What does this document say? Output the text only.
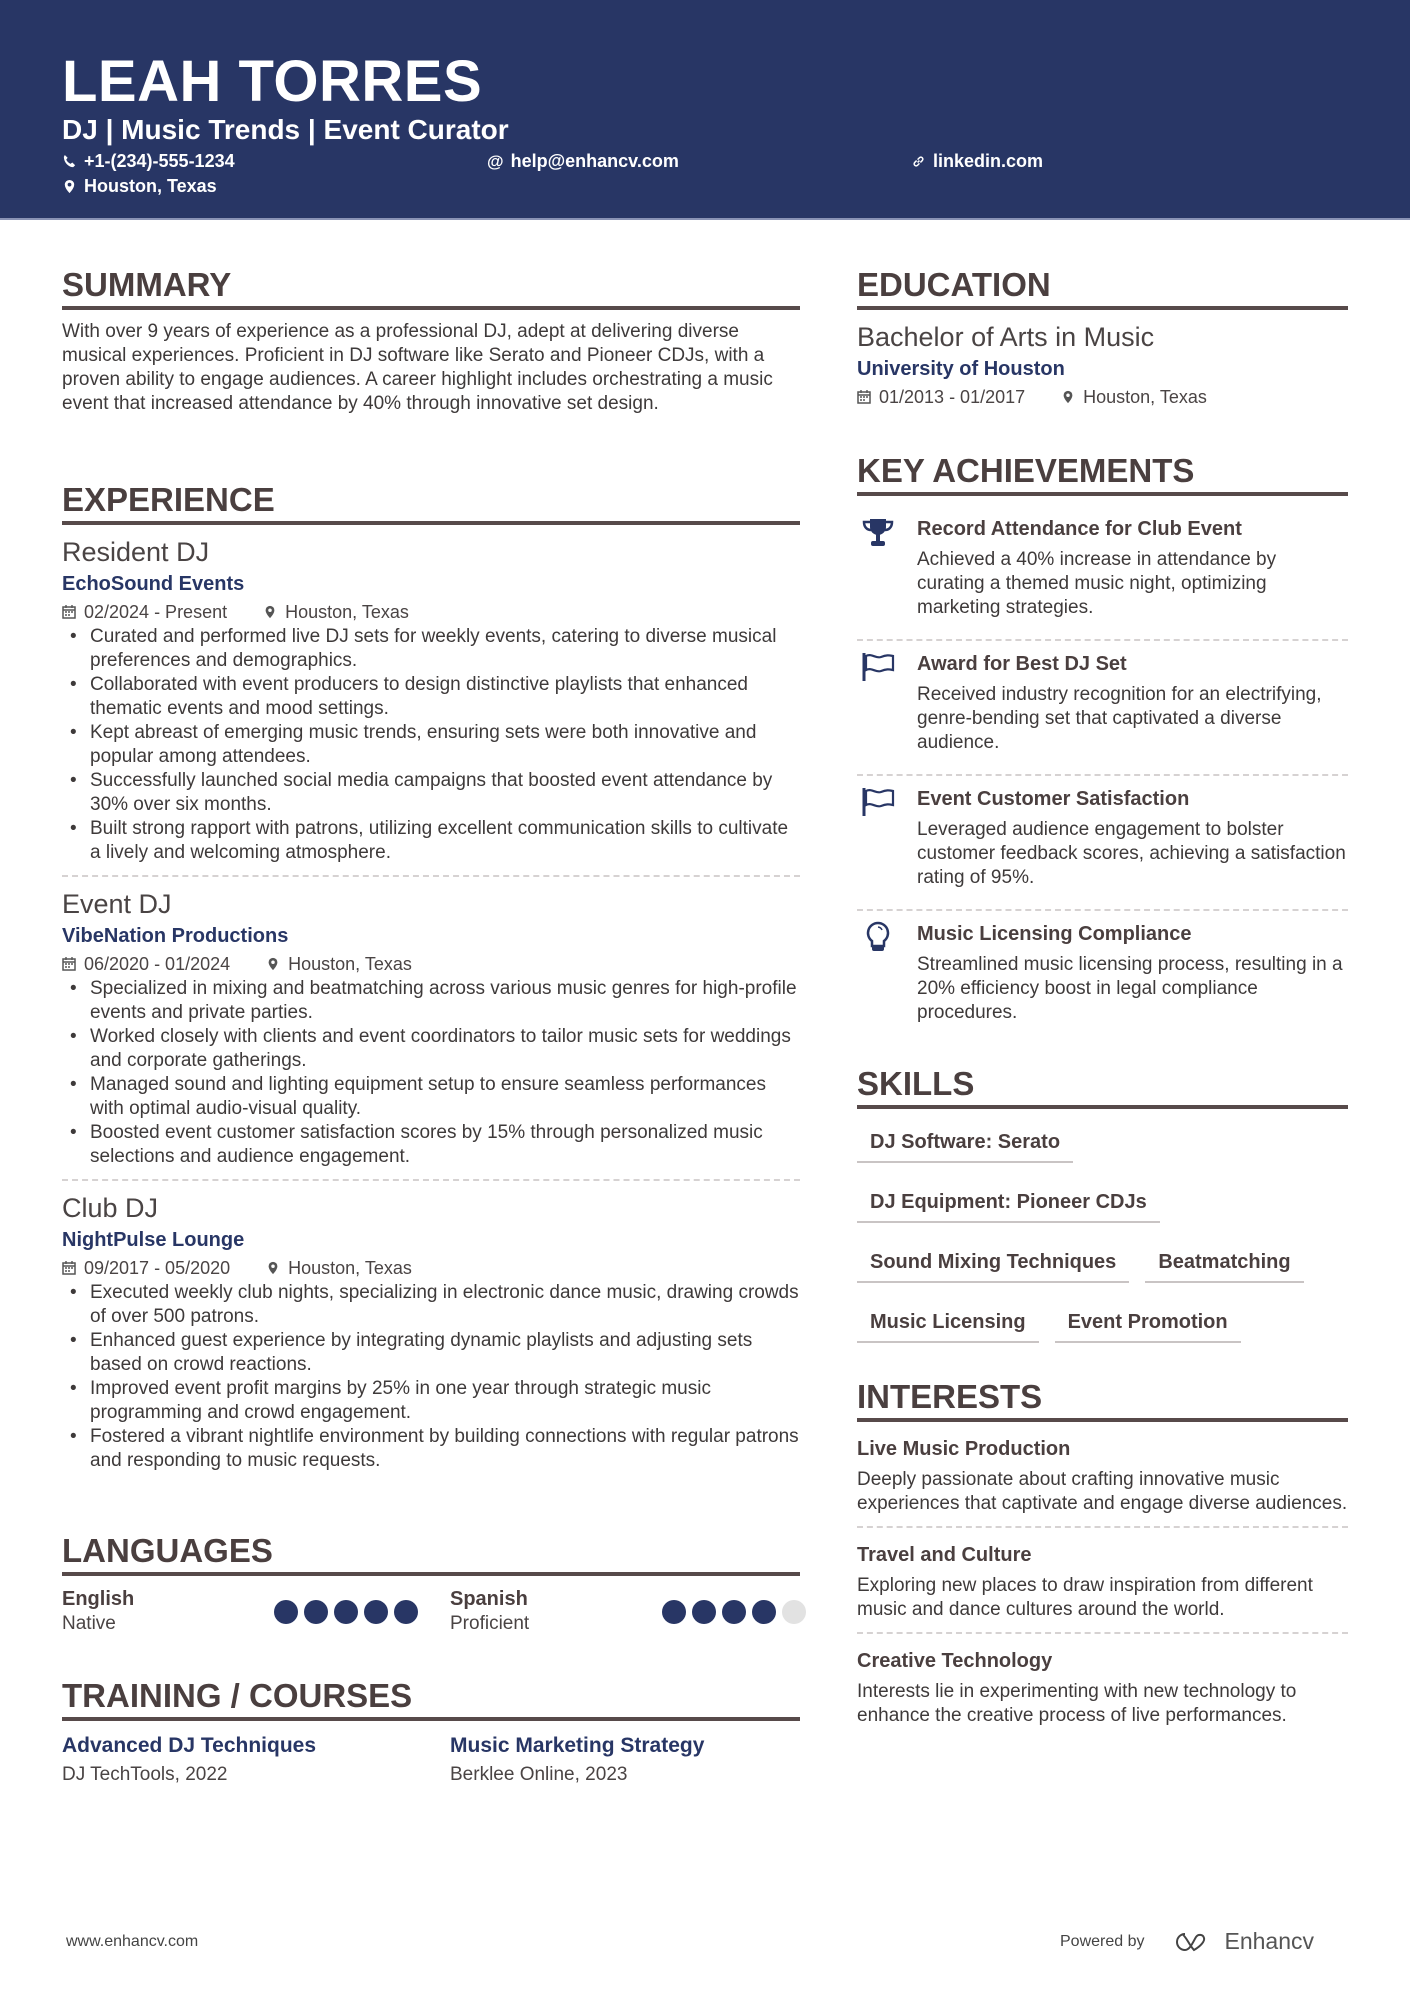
LEAH TORRES
DJ | Music Trends | Event Curator
+1-(234)-555-1234	@ help@enhancv.com	linkedin.com
Houston, Texas
SUMMARY
With over 9 years of experience as a professional DJ, adept at delivering diverse musical experiences. Proficient in DJ software like Serato and Pioneer CDJs, with a proven ability to engage audiences. A career highlight includes orchestrating a music event that increased attendance by 40% through innovative set design.
EXPERIENCE
Resident DJ
EchoSound Events
02/2024 - Present	Houston, Texas
• Curated and performed live DJ sets for weekly events, catering to diverse musical preferences and demographics.
• Collaborated with event producers to design distinctive playlists that enhanced thematic events and mood settings.
• Kept abreast of emerging music trends, ensuring sets were both innovative and popular among attendees.
• Successfully launched social media campaigns that boosted event attendance by 30% over six months.
• Built strong rapport with patrons, utilizing excellent communication skills to cultivate a lively and welcoming atmosphere.
Event DJ
VibeNation Productions
06/2020 - 01/2024	Houston, Texas
• Specialized in mixing and beatmatching across various music genres for high-profile events and private parties.
• Worked closely with clients and event coordinators to tailor music sets for weddings and corporate gatherings.
• Managed sound and lighting equipment setup to ensure seamless performances with optimal audio-visual quality.
• Boosted event customer satisfaction scores by 15% through personalized music selections and audience engagement.
Club DJ
NightPulse Lounge
09/2017 - 05/2020	Houston, Texas
• Executed weekly club nights, specializing in electronic dance music, drawing crowds of over 500 patrons.
• Enhanced guest experience by integrating dynamic playlists and adjusting sets based on crowd reactions.
• Improved event profit margins by 25% in one year through strategic music programming and crowd engagement.
• Fostered a vibrant nightlife environment by building connections with regular patrons and responding to music requests.
LANGUAGES
English
Native
Spanish
Proficient
TRAINING / COURSES
Advanced DJ Techniques
DJ TechTools, 2022
Music Marketing Strategy
Berklee Online, 2023
EDUCATION
Bachelor of Arts in Music
University of Houston
01/2013 - 01/2017	Houston, Texas
KEY ACHIEVEMENTS
Record Attendance for Club Event
Achieved a 40% increase in attendance by curating a themed music night, optimizing marketing strategies.
Award for Best DJ Set
Received industry recognition for an electrifying, genre-bending set that captivated a diverse audience.
Event Customer Satisfaction
Leveraged audience engagement to bolster customer feedback scores, achieving a satisfaction rating of 95%.
Music Licensing Compliance
Streamlined music licensing process, resulting in a 20% efficiency boost in legal compliance procedures.
SKILLS
DJ Software: Serato
DJ Equipment: Pioneer CDJs
Sound Mixing Techniques	Beatmatching
Music Licensing	Event Promotion
INTERESTS
Live Music Production
Deeply passionate about crafting innovative music experiences that captivate and engage diverse audiences.
Travel and Culture
Exploring new places to draw inspiration from different music and dance cultures around the world.
Creative Technology
Interests lie in experimenting with new technology to enhance the creative process of live performances.
www.enhancv.com	Powered by	Enhancv
